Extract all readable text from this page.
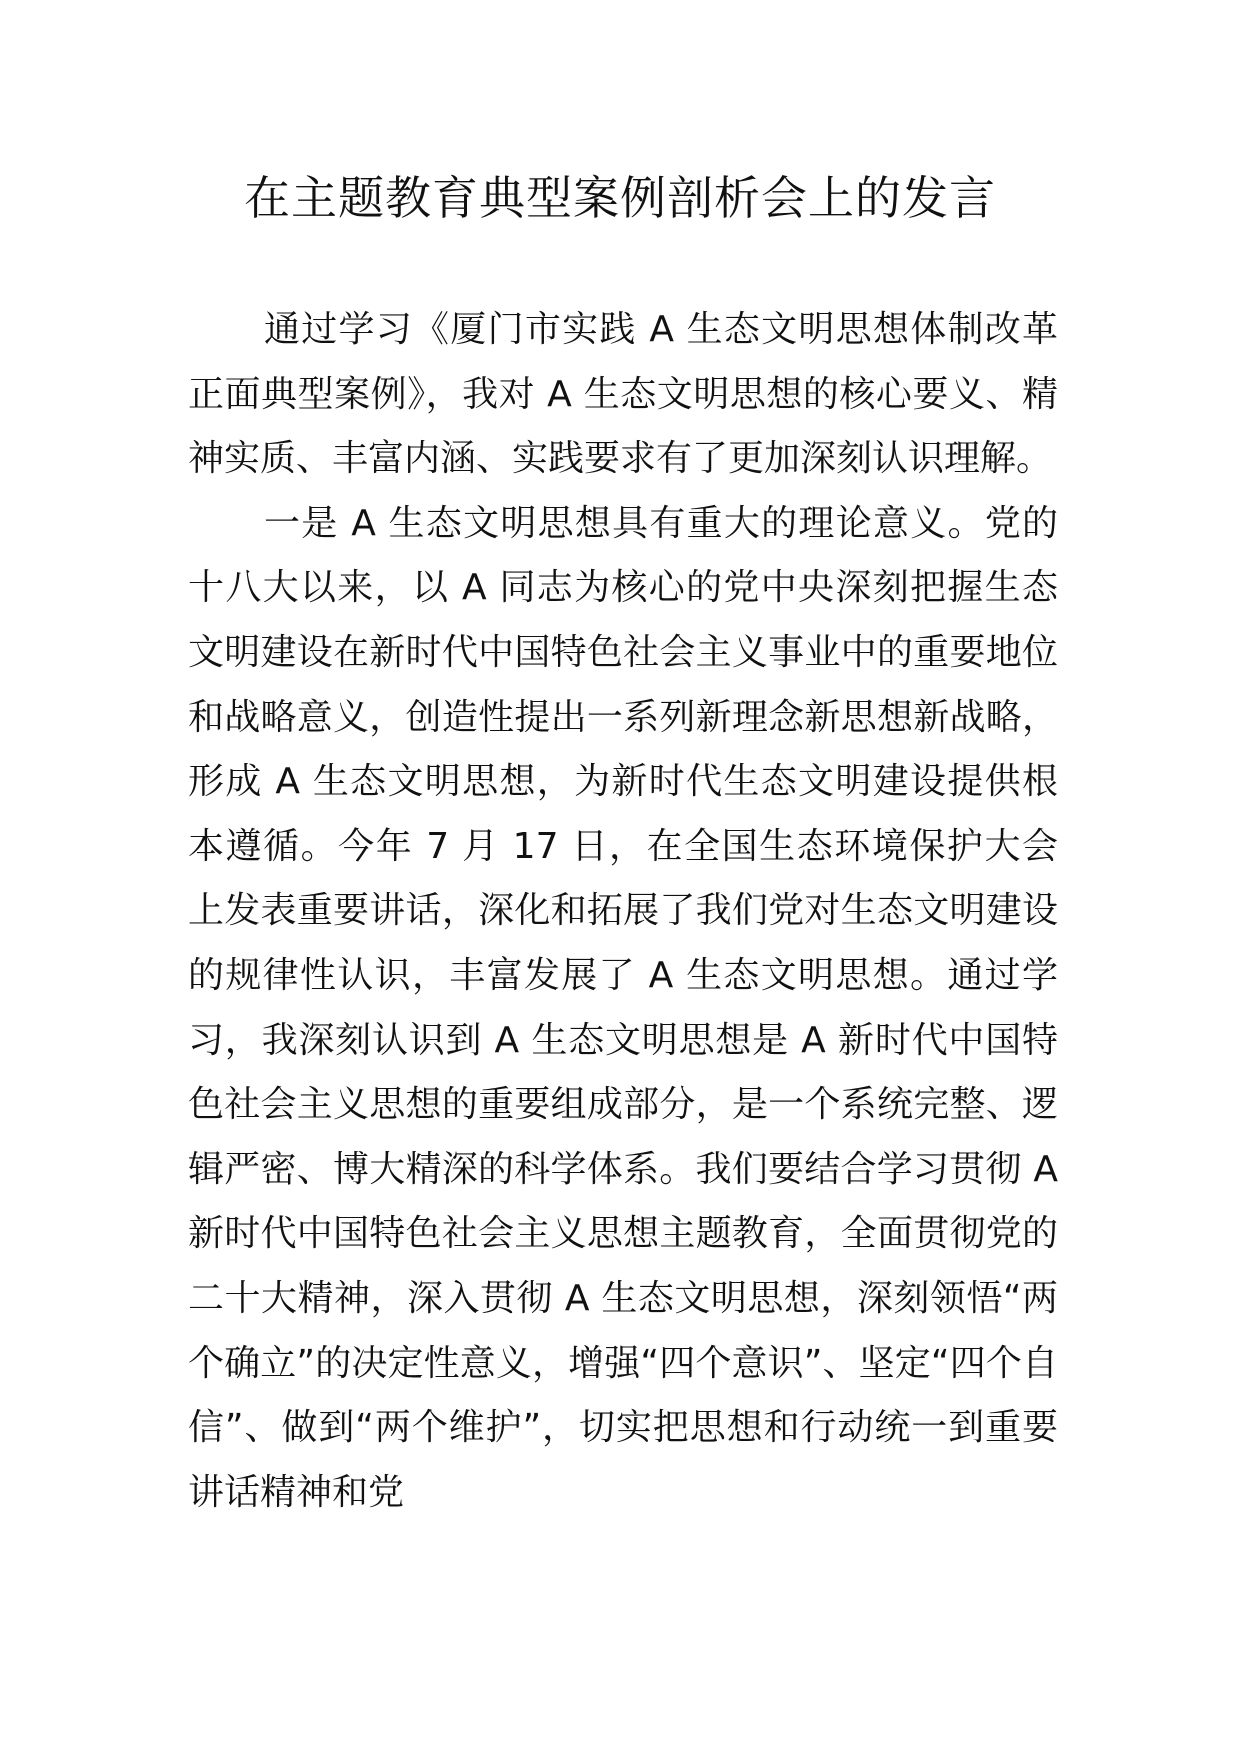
在主题教育典型案例剖析会上的发言

通过学习《厦门市实践 A 生态文明思想体制改革正面典型案例》，我对 A 生态文明思想的核心要义、精神实质、丰富内涵、实践要求有了更加深刻认识理解。

一是 A 生态文明思想具有重大的理论意义。党的十八大以来，以 A 同志为核心的党中央深刻把握生态文明建设在新时代中国特色社会主义事业中的重要地位和战略意义，创造性提出一系列新理念新思想新战略，形成 A 生态文明思想，为新时代生态文明建设提供根本遵循。今年 7 月 17 日，在全国生态环境保护大会上发表重要讲话，深化和拓展了我们党对生态文明建设的规律性认识，丰富发展了 A 生态文明思想。通过学习，我深刻认识到 A 生态文明思想是 A 新时代中国特色社会主义思想的重要组成部分，是一个系统完整、逻辑严密、博大精深的科学体系。我们要结合学习贯彻 A 新时代中国特色社会主义思想主题教育，全面贯彻党的二十大精神，深入贯彻 A 生态文明思想，深刻领悟“两个确立”的决定性意义，增强“四个意识”、坚定“四个自信”、做到“两个维护”，切实把思想和行动统一到重要讲话精神和党
